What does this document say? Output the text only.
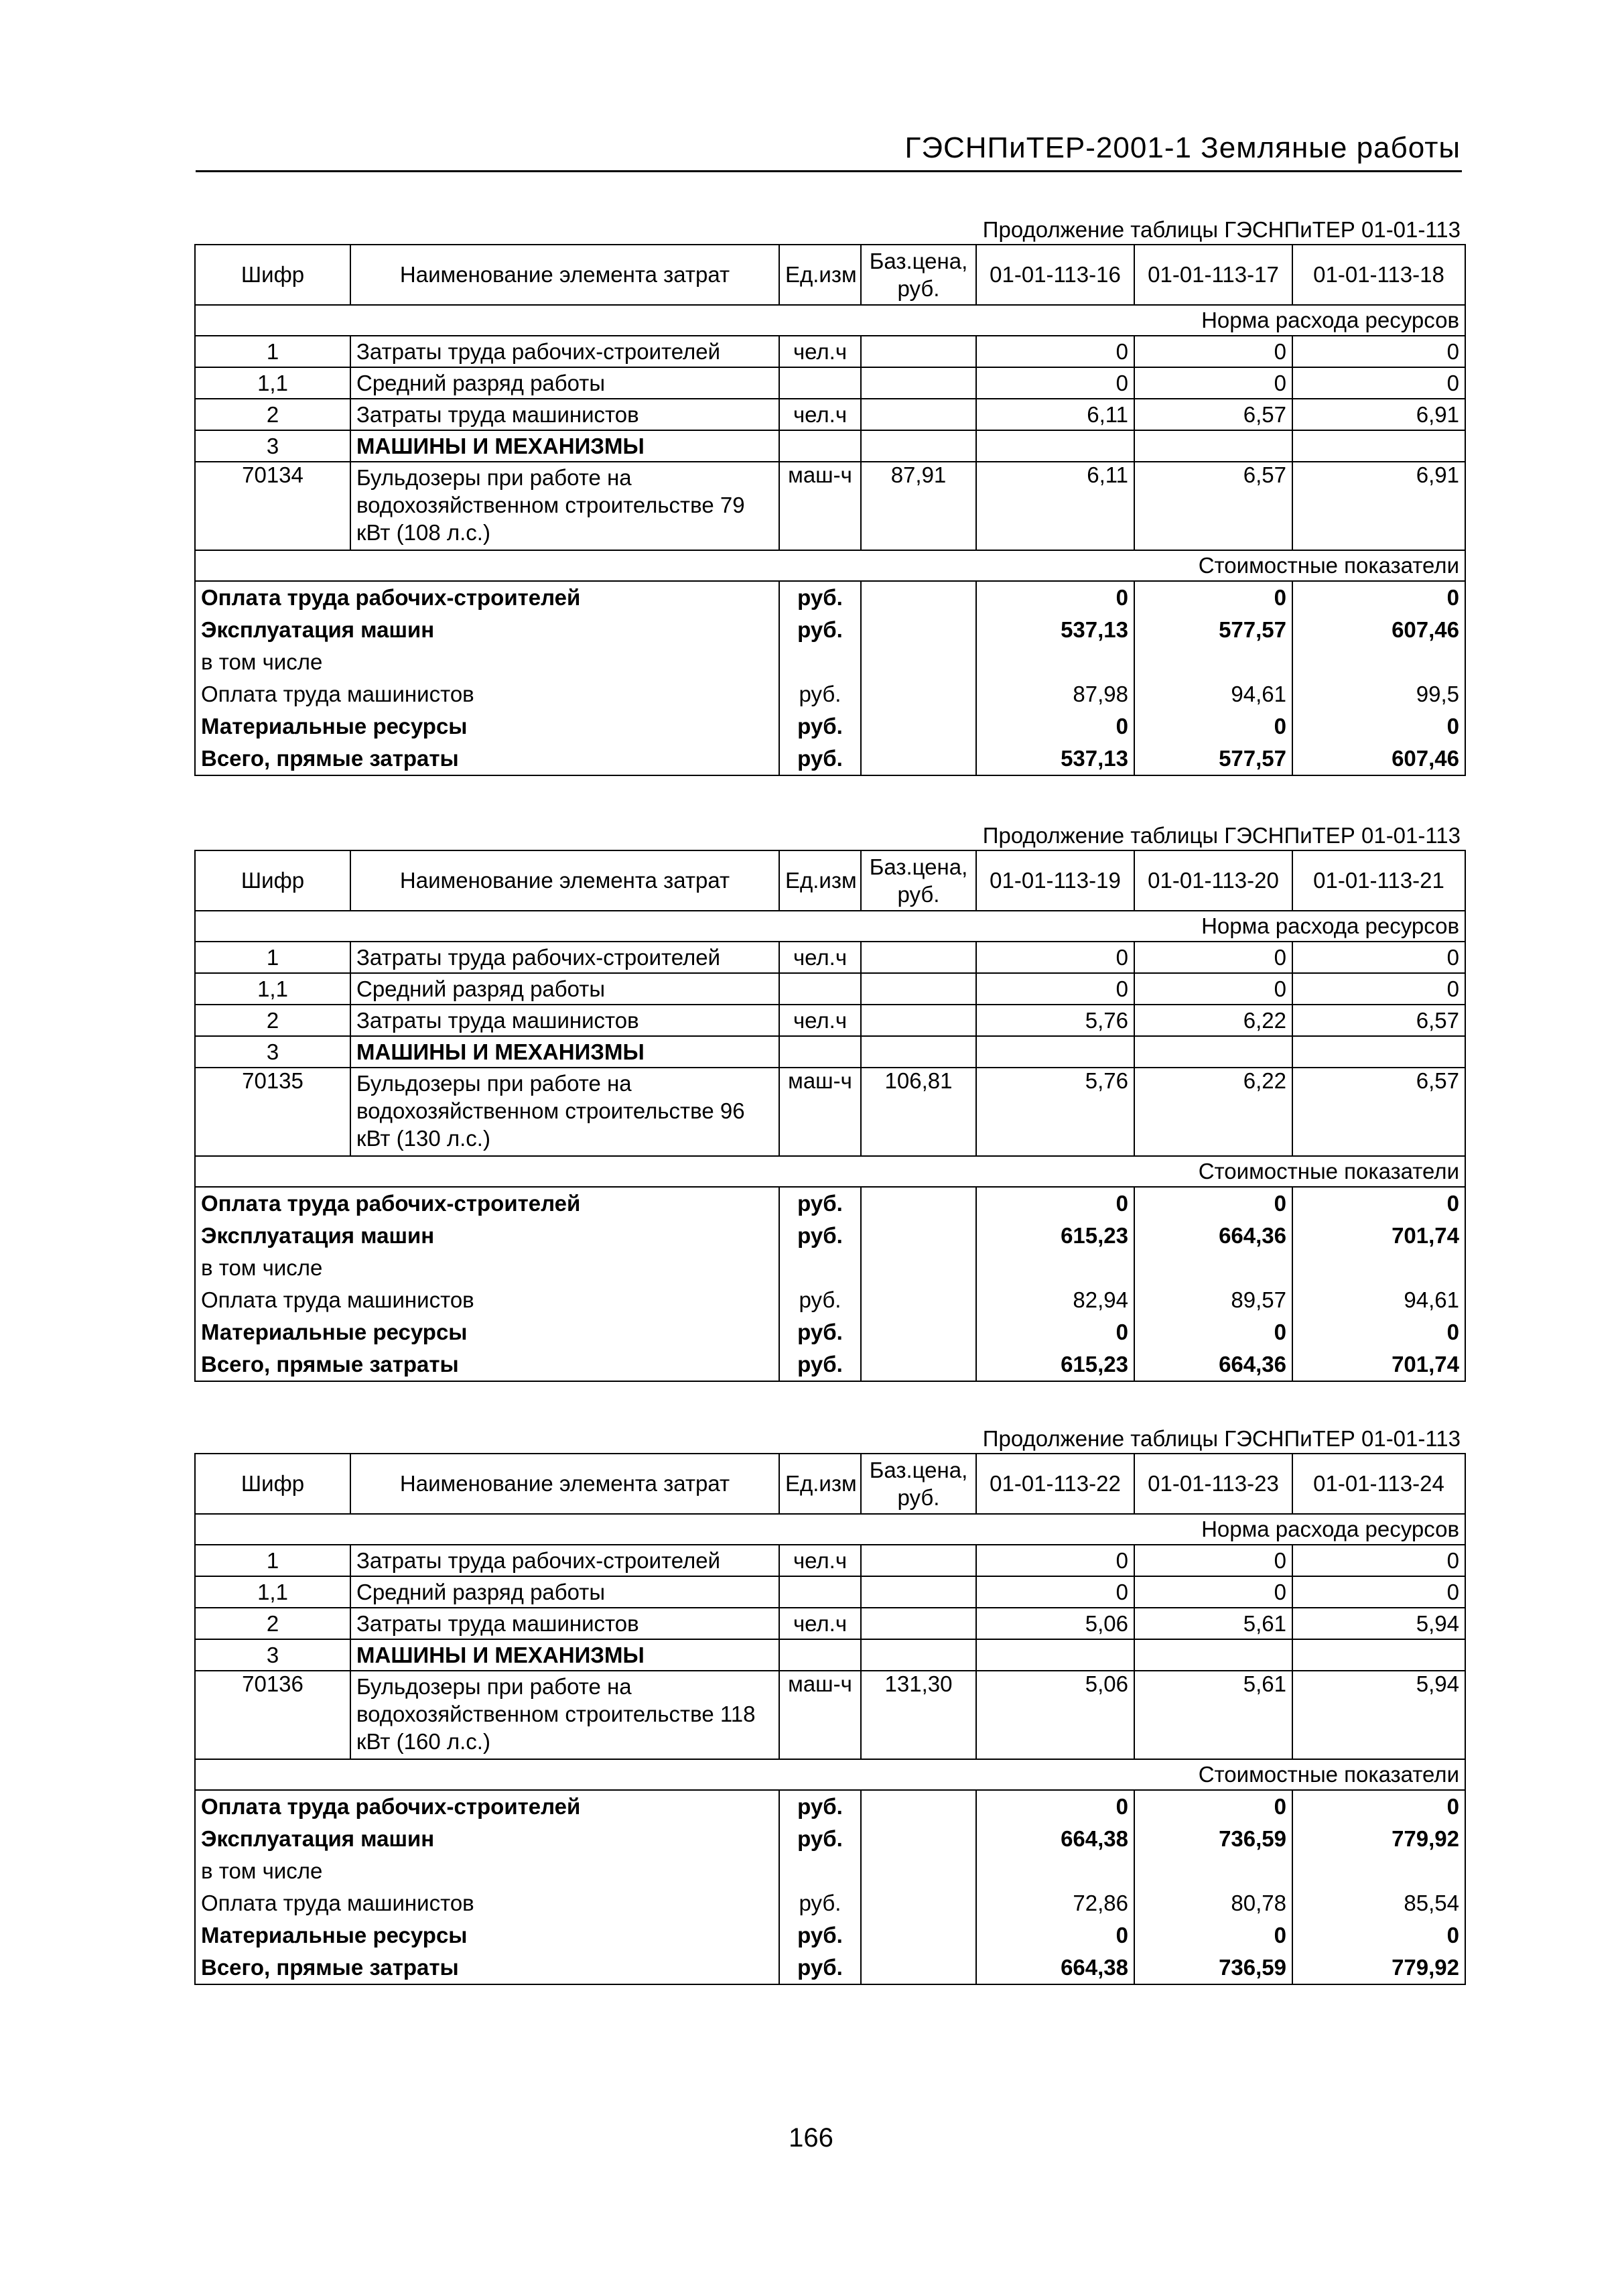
ГЭСНПиТЕР-2001-1 Земляные работы
Продолжение таблицы ГЭСНПиТЕР 01-01-113
Шифр	Наименование элемента затрат	Ед.изм	Баз.цена, руб.	01-01-113-16	01-01-113-17	01-01-113-18
Норма расхода ресурсов						
1	Затраты труда рабочих-строителей	чел.ч		0	0	0
1,1	Средний разряд работы			0	0	0
2	Затраты труда машинистов	чел.ч		6,11	6,57	6,91
3	МАШИНЫ И МЕХАНИЗМЫ					
70134	Бульдозеры при работе на водохозяйственном строительстве 79 кВт (108 л.с.)	маш-ч	87,91	6,11	6,57	6,91
Стоимостные показатели						
Оплата труда рабочих-строителей		руб.		0	0	0
Эксплуатация машин		руб.		537,13	577,57	607,46
в том числе						
Оплата труда машинистов		руб.		87,98	94,61	99,5
Материальные ресурсы		руб.		0	0	0
Всего, прямые затраты		руб.		537,13	577,57	607,46
Продолжение таблицы ГЭСНПиТЕР 01-01-113
Шифр	Наименование элемента затрат	Ед.изм	Баз.цена, руб.	01-01-113-19	01-01-113-20	01-01-113-21
Норма расхода ресурсов						
1	Затраты труда рабочих-строителей	чел.ч		0	0	0
1,1	Средний разряд работы			0	0	0
2	Затраты труда машинистов	чел.ч		5,76	6,22	6,57
3	МАШИНЫ И МЕХАНИЗМЫ					
70135	Бульдозеры при работе на водохозяйственном строительстве 96 кВт (130 л.с.)	маш-ч	106,81	5,76	6,22	6,57
Стоимостные показатели						
Оплата труда рабочих-строителей		руб.		0	0	0
Эксплуатация машин		руб.		615,23	664,36	701,74
в том числе						
Оплата труда машинистов		руб.		82,94	89,57	94,61
Материальные ресурсы		руб.		0	0	0
Всего, прямые затраты		руб.		615,23	664,36	701,74
Продолжение таблицы ГЭСНПиТЕР 01-01-113
Шифр	Наименование элемента затрат	Ед.изм	Баз.цена, руб.	01-01-113-22	01-01-113-23	01-01-113-24
Норма расхода ресурсов						
1	Затраты труда рабочих-строителей	чел.ч		0	0	0
1,1	Средний разряд работы			0	0	0
2	Затраты труда машинистов	чел.ч		5,06	5,61	5,94
3	МАШИНЫ И МЕХАНИЗМЫ					
70136	Бульдозеры при работе на водохозяйственном строительстве 118 кВт (160 л.с.)	маш-ч	131,30	5,06	5,61	5,94
Стоимостные показатели						
Оплата труда рабочих-строителей		руб.		0	0	0
Эксплуатация машин		руб.		664,38	736,59	779,92
в том числе						
Оплата труда машинистов		руб.		72,86	80,78	85,54
Материальные ресурсы		руб.		0	0	0
Всего, прямые затраты		руб.		664,38	736,59	779,92
166
